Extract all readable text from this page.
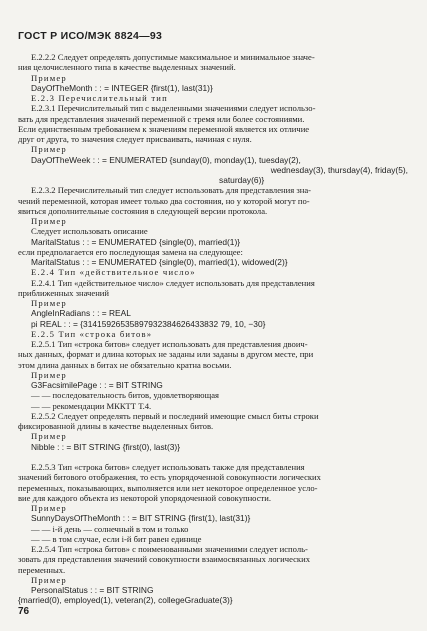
ГОСТ Р ИСО/МЭК 8824—93
Е.2.2.2 Следует определять допустимые максимальное и минимальное значе-
ния целочисленного типа в качестве выделенных значений.
Пример
DayOfTheMonth : : = INTEGER {first(1), last(31)}
Е.2.3 Перечислительный тип
Е.2.3.1 Перечислительный тип с выделенными значениями следует использо-
вать для представления значений переменной с тремя или более состояниями.
Если единственным требованием к значениям переменной является их отличие
друг от друга, то значения следует присваивать, начиная с нуля.
Пример
DayOfTheWeek : : = ENUMERATED {sunday(0), monday(1), tuesday(2),
wednesday(3), thursday(4), friday(5),
saturday(6)}
Е.2.3.2 Перечислительный тип следует использовать для представления зна-
чений переменной, которая имеет только два состояния, но у которой могут по-
явиться дополнительные состояния в следующей версии протокола.
Пример
Следует использовать описание
MaritalStatus : : = ENUMERATED {single(0), married(1)}
если предполагается его последующая замена на следующее:
MaritalStatus : : = ENUMERATED {single(0), married(1), widowed(2)}
Е.2.4 Тип «действительное число»
Е.2.4.1 Тип «действительное число» следует использовать для представления
приближенных значений
Пример
AngleInRadians : : = REAL
pi REAL : : = {31415926535897932384626433832 79, 10, −30}
Е.2.5 Тип «строка битов»
Е.2.5.1 Тип «строка битов» следует использовать для представления двоич-
ных данных, формат и длина которых не заданы или заданы в другом месте, при
этом длина данных в битах не обязательно кратна восьми.
Пример
G3FacsimilePage : : = BIT STRING
— — последовательность битов, удовлетворяющая
— — рекомендации МККТТ Т.4.
Е.2.5.2 Следует определять первый и последний имеющие смысл биты строки
фиксированной длины в качестве выделенных битов.
Пример
Nibble : : = BIT STRING {first(0), last(3)}

Е.2.5.3 Тип «строка битов» следует использовать также для представления
значений битового отображения, то есть упорядоченной совокупности логических
переменных, показывающих, выполняется или нет некоторое определенное усло-
вие для каждого объекта из некоторой упорядоченной совокупности.
Пример
SunnyDaysOfTheMonth : : = BIT STRING {first(1), last(31)}
— — i-й день — солнечный в том и только
— — в том случае, если i-й бит равен единице
Е.2.5.4 Тип «строка битов» с поименованными значениями следует исполь-
зовать для представления значений совокупности взаимосвязанных логических
переменных.
Пример
PersonalStatus : : = BIT STRING
{married(0), employed(1), veteran(2), collegeGraduate(3)}
76
